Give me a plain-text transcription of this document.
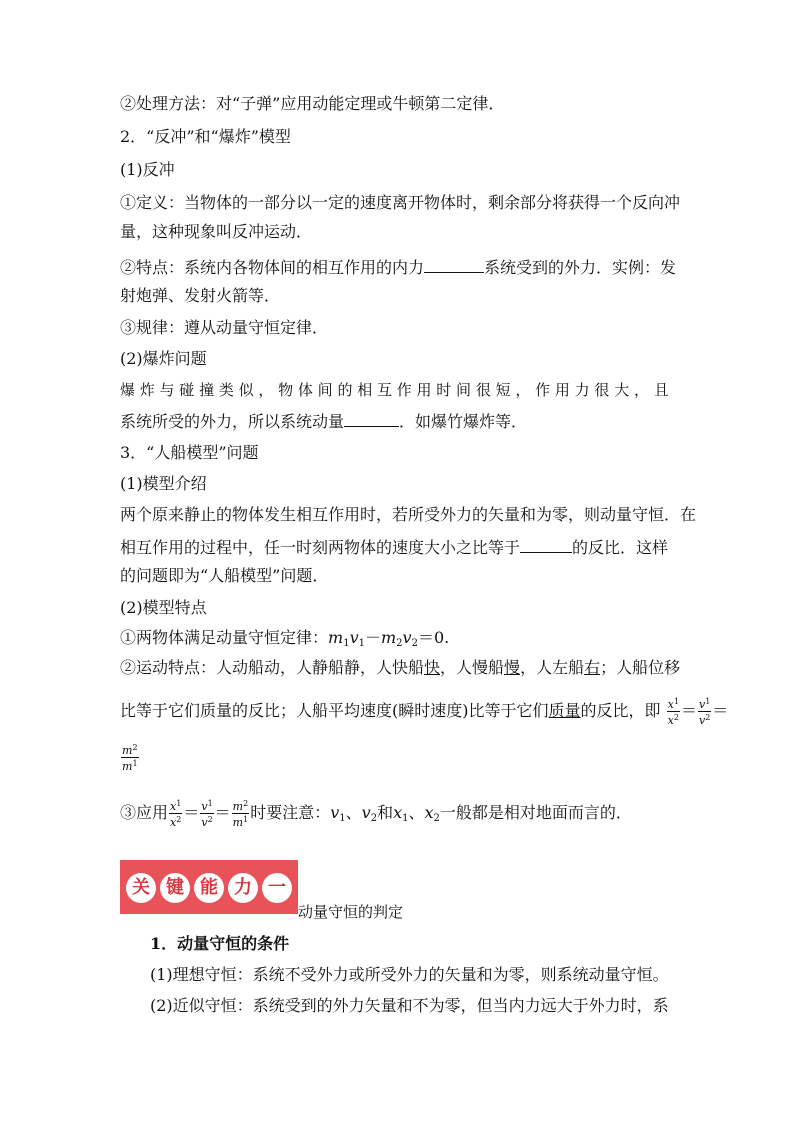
②处理方法：对“子弹”应用动能定理或牛顿第二定律．
2．“反冲”和“爆炸”模型
(1)反冲
①定义：当物体的一部分以一定的速度离开物体时，剩余部分将获得一个反向冲
量，这种现象叫反冲运动．
②特点：系统内各物体间的相互作用的内力	系统受到的外力．实例：发
射炮弹、发射火箭等．
③规律：遵从动量守恒定律．
(2)爆炸问题
爆 炸 与 碰 撞 类 似 ， 物 体 间 的 相 互 作 用 时 间 很 短 ， 作 用 力 很 大 ， 且
系统所受的外力，所以系统动量	．如爆竹爆炸等．
3．“人船模型”问题
(1)模型介绍
两个原来静止的物体发生相互作用时，若所受外力的矢量和为零，则动量守恒．在
相互作用的过程中，任一时刻两物体的速度大小之比等于	的反比．这样
的问题即为“人船模型”问题．
(2)模型特点
①两物体满足动量守恒定律：$m_1v_1-m_2v_2=0$.
②运动特点：人动船动，人静船静，人快船快，人慢船慢，人左船右；人船位移
比等于它们质量的反比；人船平均速度(瞬时速度)比等于它们质量的反比，即 $\frac{x^1}{x^2} = \frac{v^1}{v^2}$ ＝
$\frac{m^2}{m^1}$
③应用 $\frac{x^1}{x^2} = \frac{v^1}{v^2} = \frac{m^2}{m^1}$ 时要注意：$v_1$、$v_2$和$x_1$、$x_2$一般都是相对地面而言的．
关 键 能 力 一
动量守恒的判定
1．动量守恒的条件
(1)理想守恒：系统不受外力或所受外力的矢量和为零，则系统动量守恒。
(2)近似守恒：系统受到的外力矢量和不为零，但当内力远大于外力时，系
